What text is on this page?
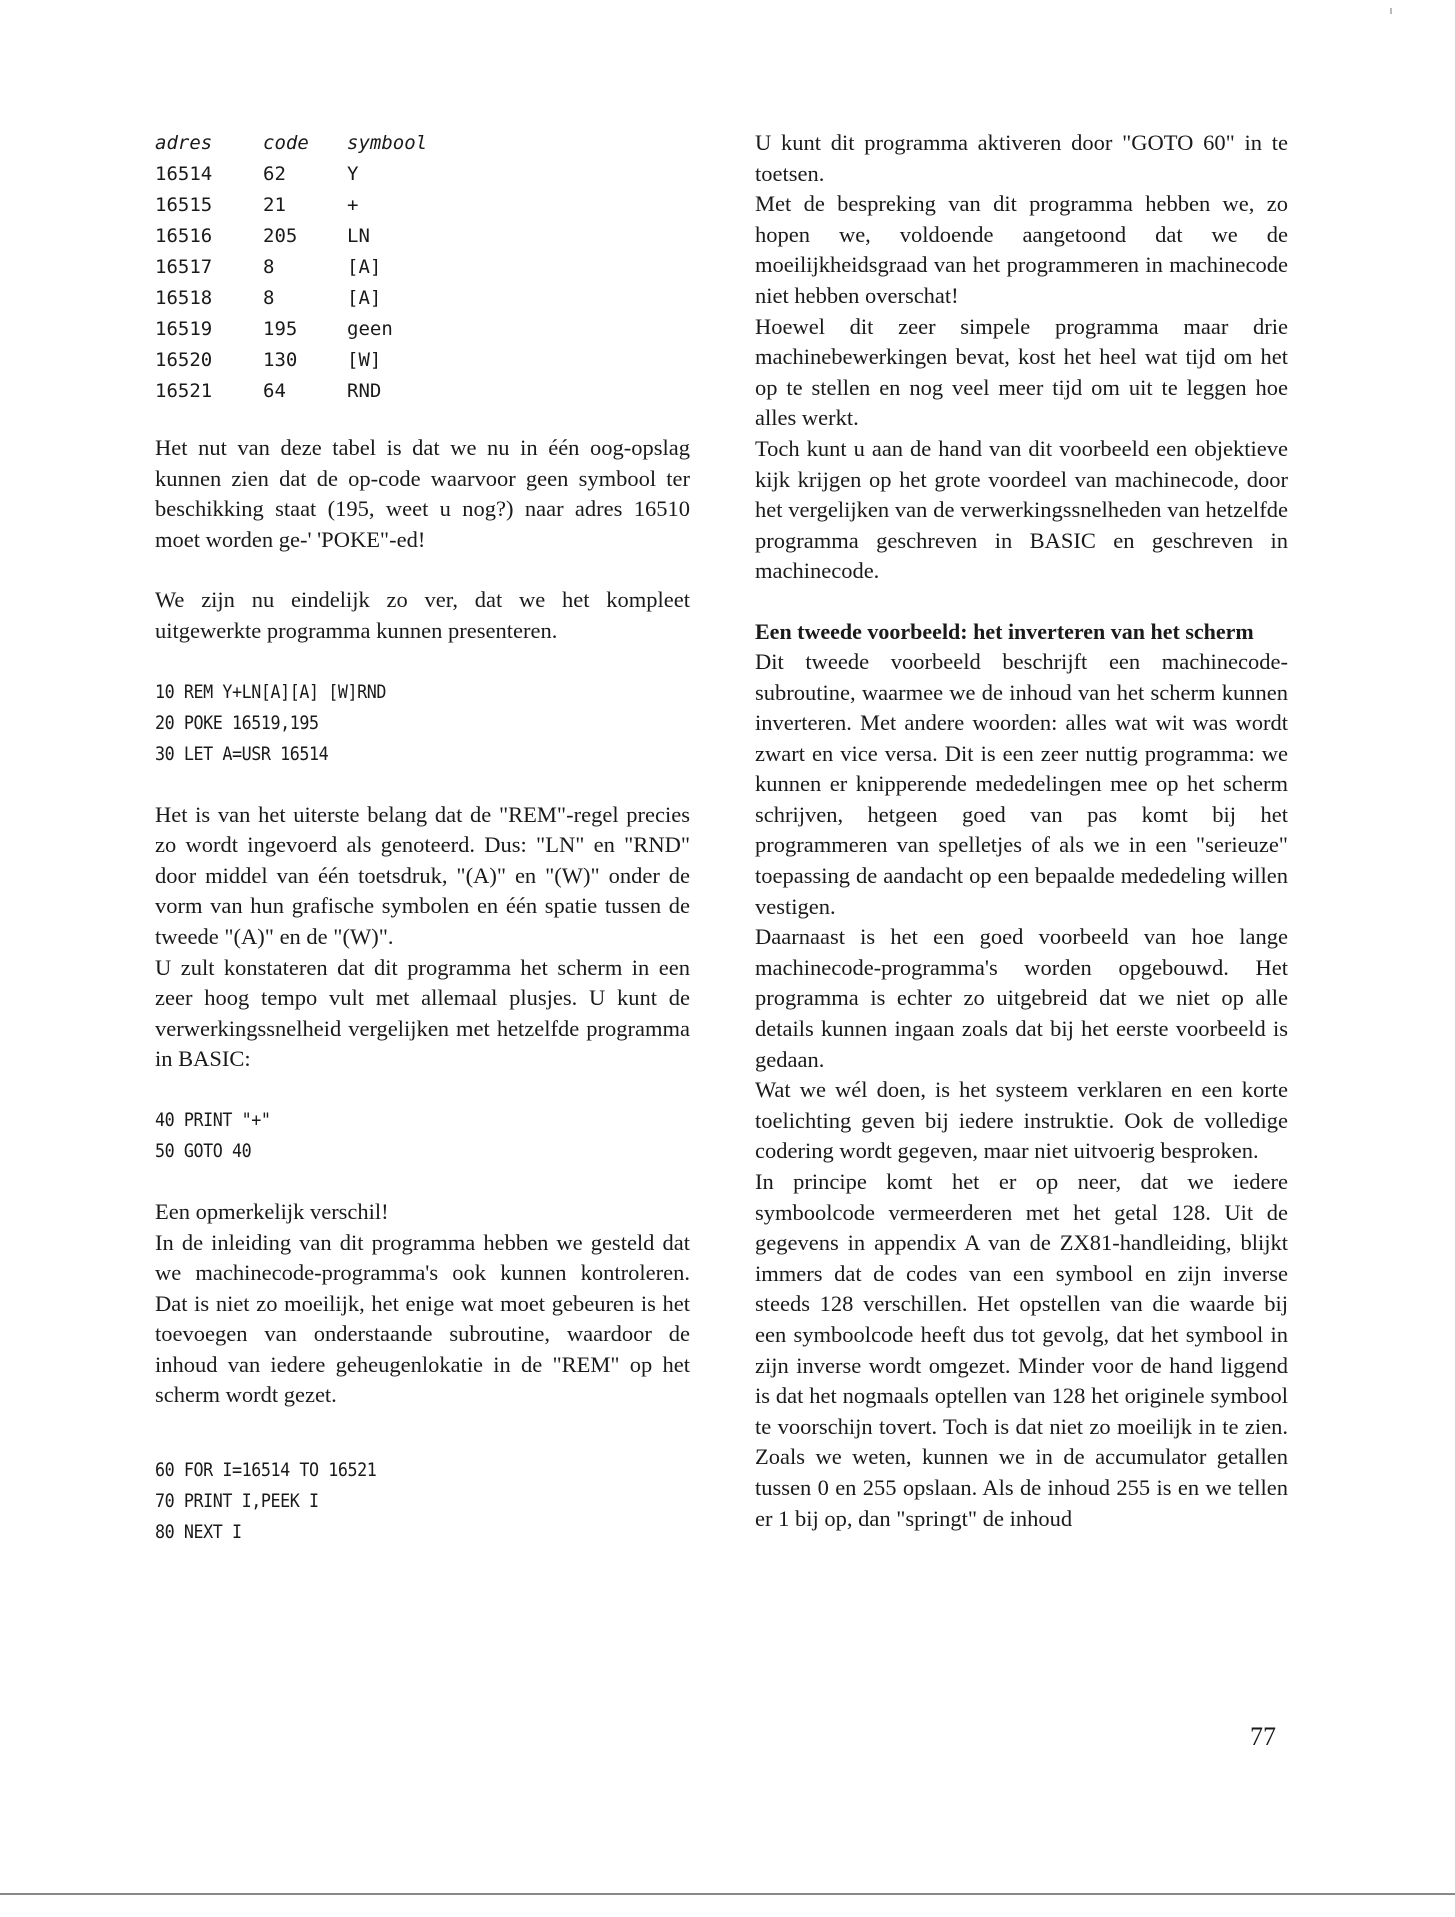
adres	code	symbool
16514	62	Y
16515	21	+
16516	205	LN
16517	8	[A]
16518	8	[A]
16519	195	geen
16520	130	[W]
16521	64	RND

Het nut van deze tabel is dat we nu in één oog-opslag kunnen zien dat de op-code waarvoor geen symbool ter beschikking staat (195, weet u nog?) naar adres 16510 moet worden ge-' 'POKE"-ed!

We zijn nu eindelijk zo ver, dat we het kompleet uitgewerkte programma kunnen presenteren.

10 REM Y+LN[A][A] [W]RND
20 POKE 16519,195
30 LET A=USR 16514

Het is van het uiterste belang dat de "REM"-regel precies zo wordt ingevoerd als genoteerd. Dus: "LN" en "RND" door middel van één toetsdruk, "(A)" en "(W)" onder de vorm van hun grafische symbolen en één spatie tussen de tweede "(A)" en de "(W)".

U zult konstateren dat dit programma het scherm in een zeer hoog tempo vult met allemaal plusjes. U kunt de verwerkingssnelheid vergelijken met hetzelfde programma in BASIC:

40 PRINT "+"
50 GOTO 40

Een opmerkelijk verschil!

In de inleiding van dit programma hebben we gesteld dat we machinecode-programma's ook kunnen kontroleren. Dat is niet zo moeilijk, het enige wat moet gebeuren is het toevoegen van onderstaande subroutine, waardoor de inhoud van iedere geheugenlokatie in de "REM" op het scherm wordt gezet.

60 FOR I=16514 TO 16521
70 PRINT I,PEEK I
80 NEXT I

U kunt dit programma aktiveren door "GOTO 60" in te toetsen.

Met de bespreking van dit programma hebben we, zo hopen we, voldoende aangetoond dat we de moeilijkheidsgraad van het programmeren in machinecode niet hebben overschat!

Hoewel dit zeer simpele programma maar drie machinebewerkingen bevat, kost het heel wat tijd om het op te stellen en nog veel meer tijd om uit te leggen hoe alles werkt.

Toch kunt u aan de hand van dit voorbeeld een objektieve kijk krijgen op het grote voordeel van machinecode, door het vergelijken van de verwerkingssnelheden van hetzelfde programma geschreven in BASIC en geschreven in machinecode.

Een tweede voorbeeld: het inverteren van het scherm

Dit tweede voorbeeld beschrijft een machinecode-subroutine, waarmee we de inhoud van het scherm kunnen inverteren. Met andere woorden: alles wat wit was wordt zwart en vice versa. Dit is een zeer nuttig programma: we kunnen er knipperende mededelingen mee op het scherm schrijven, hetgeen goed van pas komt bij het programmeren van spelletjes of als we in een "serieuze" toepassing de aandacht op een bepaalde mededeling willen vestigen.

Daarnaast is het een goed voorbeeld van hoe lange machinecode-programma's worden opgebouwd. Het programma is echter zo uitgebreid dat we niet op alle details kunnen ingaan zoals dat bij het eerste voorbeeld is gedaan.

Wat we wél doen, is het systeem verklaren en een korte toelichting geven bij iedere instruktie. Ook de volledige codering wordt gegeven, maar niet uitvoerig besproken.

In principe komt het er op neer, dat we iedere symboolcode vermeerderen met het getal 128. Uit de gegevens in appendix A van de ZX81-handleiding, blijkt immers dat de codes van een symbool en zijn inverse steeds 128 verschillen. Het opstellen van die waarde bij een symboolcode heeft dus tot gevolg, dat het symbool in zijn inverse wordt omgezet. Minder voor de hand liggend is dat het nogmaals optellen van 128 het originele symbool te voorschijn tovert. Toch is dat niet zo moeilijk in te zien. Zoals we weten, kunnen we in de accumulator getallen tussen 0 en 255 opslaan. Als de inhoud 255 is en we tellen er 1 bij op, dan "springt" de inhoud

77
